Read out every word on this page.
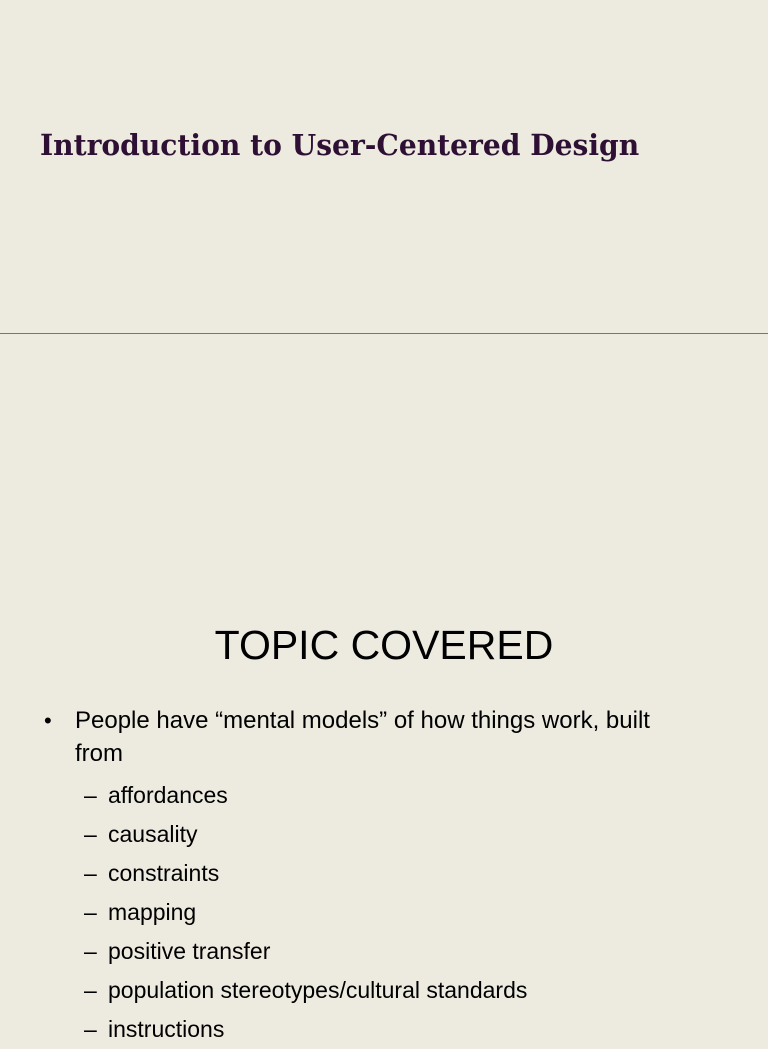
Introduction to User-Centered Design
TOPIC COVERED
• People have “mental models” of how things work, built from
– affordances
– causality
– constraints
– mapping
– positive transfer
– population stereotypes/cultural standards
– instructions
